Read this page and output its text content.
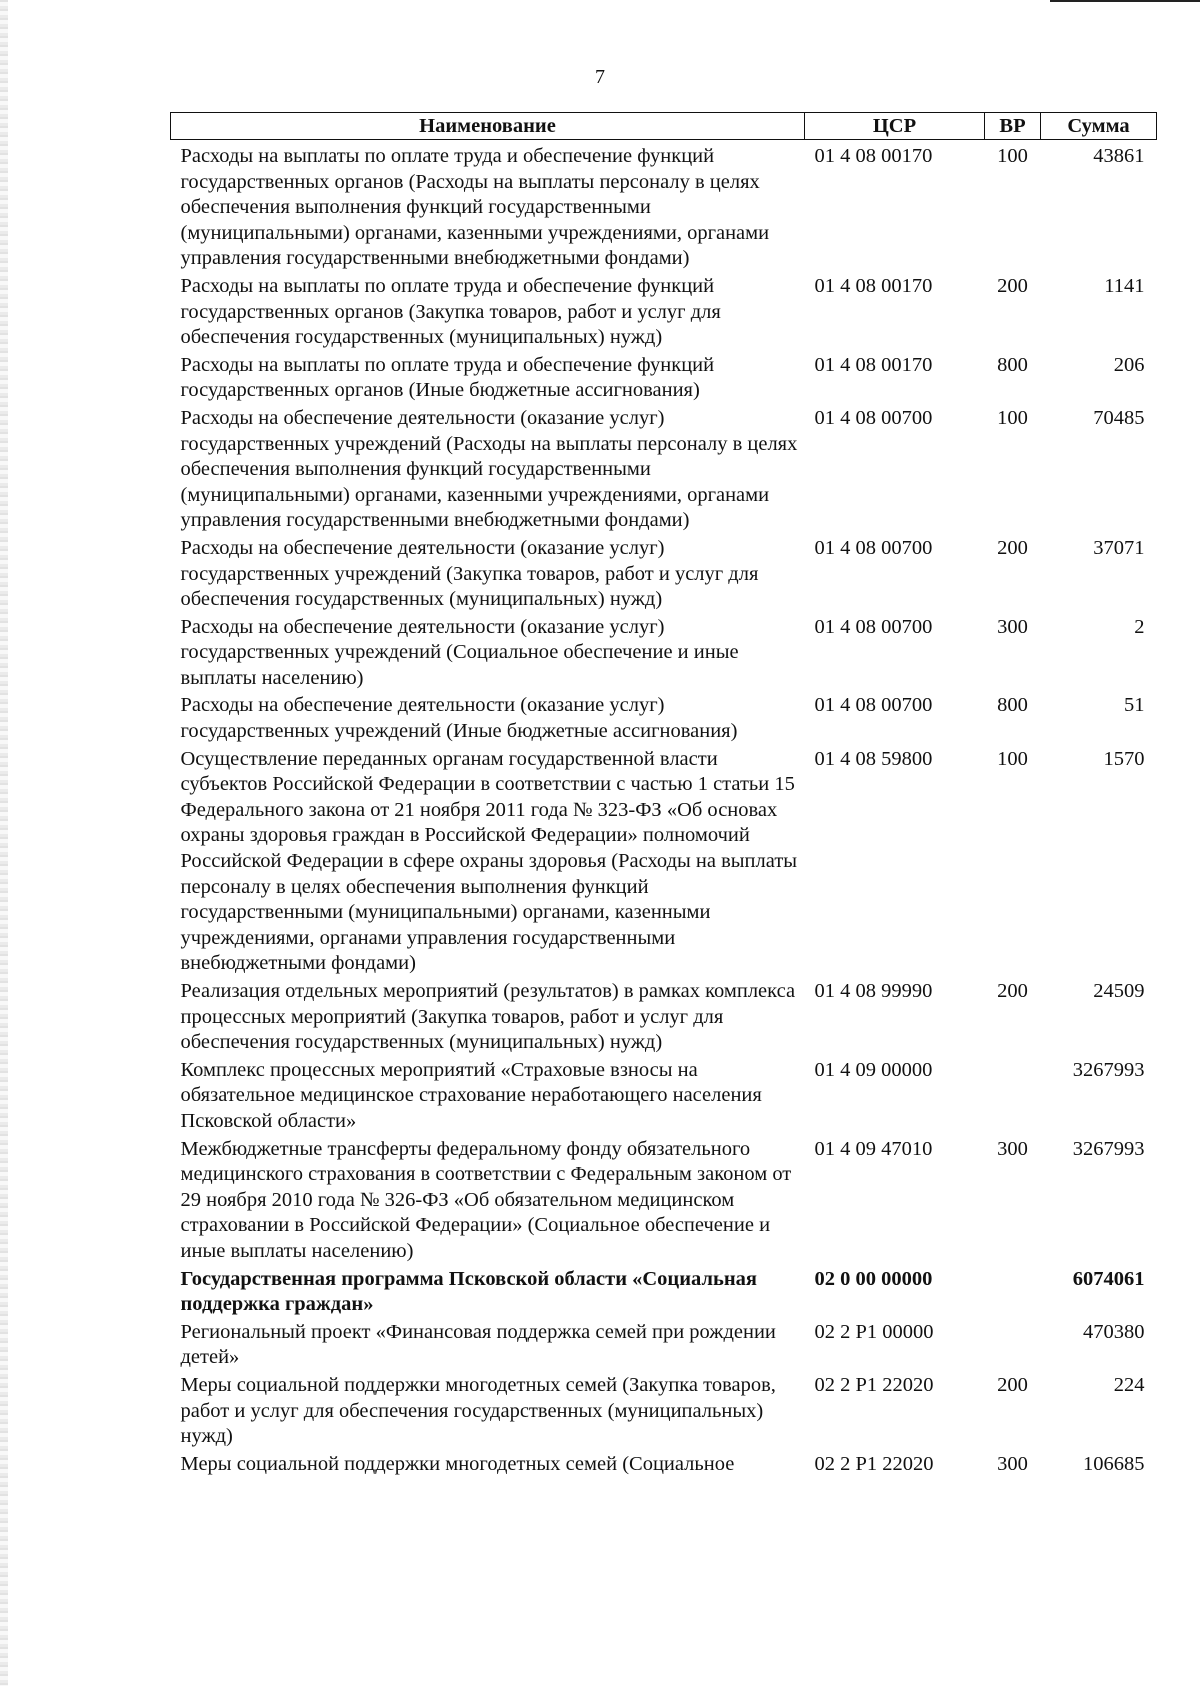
7
Наименование	ЦСР	ВР	Сумма
Расходы на выплаты по оплате труда и обеспечение функций государственных органов (Расходы на выплаты персоналу в целях обеспечения выполнения функций государственными (муниципальными) органами, казенными учреждениями, органами управления государственными внебюджетными фондами)	01 4 08 00170	100	43861
Расходы на выплаты по оплате труда и обеспечение функций государственных органов (Закупка товаров, работ и услуг для обеспечения государственных (муниципальных) нужд)	01 4 08 00170	200	1141
Расходы на выплаты по оплате труда и обеспечение функций государственных органов (Иные бюджетные ассигнования)	01 4 08 00170	800	206
Расходы на обеспечение деятельности (оказание услуг) государственных учреждений (Расходы на выплаты персоналу в целях обеспечения выполнения функций государственными (муниципальными) органами, казенными учреждениями, органами управления государственными внебюджетными фондами)	01 4 08 00700	100	70485
Расходы на обеспечение деятельности (оказание услуг) государственных учреждений (Закупка товаров, работ и услуг для обеспечения государственных (муниципальных) нужд)	01 4 08 00700	200	37071
Расходы на обеспечение деятельности (оказание услуг) государственных учреждений (Социальное обеспечение и иные выплаты населению)	01 4 08 00700	300	2
Расходы на обеспечение деятельности (оказание услуг) государственных учреждений (Иные бюджетные ассигнования)	01 4 08 00700	800	51
Осуществление переданных органам государственной власти субъектов Российской Федерации в соответствии с частью 1 статьи 15 Федерального закона от 21 ноября 2011 года № 323-ФЗ «Об основах охраны здоровья граждан в Российской Федерации» полномочий Российской Федерации в сфере охраны здоровья (Расходы на выплаты персоналу в целях обеспечения выполнения функций государственными (муниципальными) органами, казенными учреждениями, органами управления государственными внебюджетными фондами)	01 4 08 59800	100	1570
Реализация отдельных мероприятий (результатов) в рамках комплекса процессных мероприятий (Закупка товаров, работ и услуг для обеспечения государственных (муниципальных) нужд)	01 4 08 99990	200	24509
Комплекс процессных мероприятий «Страховые взносы на обязательное медицинское страхование неработающего населения Псковской области»	01 4 09 00000		3267993
Межбюджетные трансферты федеральному фонду обязательного медицинского страхования в соответствии с Федеральным законом от 29 ноября 2010 года № 326-ФЗ «Об обязательном медицинском страховании в Российской Федерации» (Социальное обеспечение и иные выплаты населению)	01 4 09 47010	300	3267993
Государственная программа Псковской области «Социальная поддержка граждан»	02 0 00 00000		6074061
Региональный проект «Финансовая поддержка семей при рождении детей»	02 2 P1 00000		470380
Меры социальной поддержки многодетных семей (Закупка товаров, работ и услуг для обеспечения государственных (муниципальных) нужд)	02 2 P1 22020	200	224
Меры социальной поддержки многодетных семей (Социальное	02 2 P1 22020	300	106685
